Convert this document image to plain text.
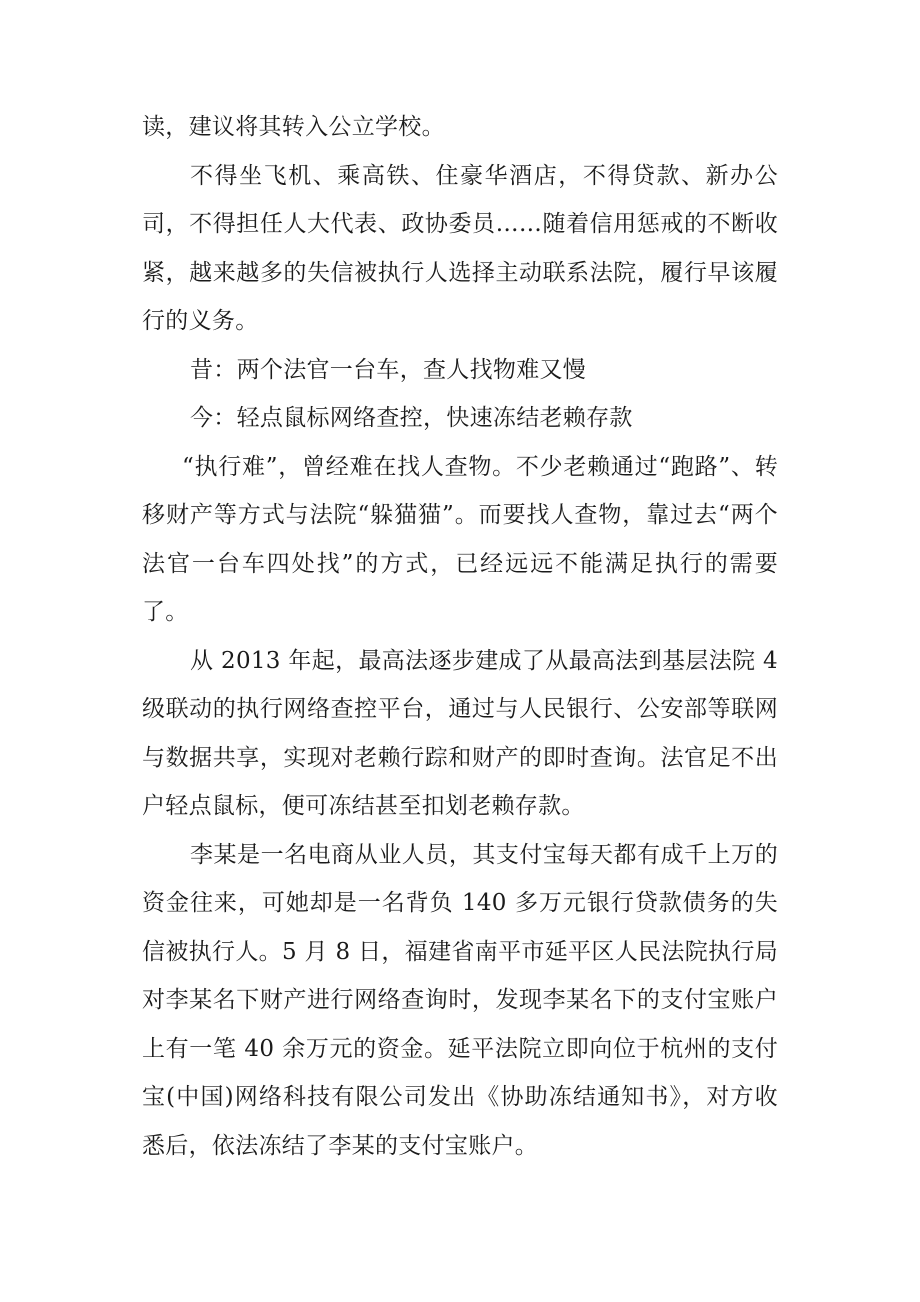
读，建议将其转入公立学校。

不得坐飞机、乘高铁、住豪华酒店，不得贷款、新办公司，不得担任人大代表、政协委员……随着信用惩戒的不断收紧，越来越多的失信被执行人选择主动联系法院，履行早该履行的义务。

昔：两个法官一台车，查人找物难又慢

今：轻点鼠标网络查控，快速冻结老赖存款

“执行难”，曾经难在找人查物。不少老赖通过“跑路”、转移财产等方式与法院“躲猫猫”。而要找人查物，靠过去“两个法官一台车四处找”的方式，已经远远不能满足执行的需要了。

从 2013 年起，最高法逐步建成了从最高法到基层法院 4 级联动的执行网络查控平台，通过与人民银行、公安部等联网与数据共享，实现对老赖行踪和财产的即时查询。法官足不出户轻点鼠标，便可冻结甚至扣划老赖存款。

李某是一名电商从业人员，其支付宝每天都有成千上万的资金往来，可她却是一名背负 140 多万元银行贷款债务的失信被执行人。5 月 8 日，福建省南平市延平区人民法院执行局对李某名下财产进行网络查询时，发现李某名下的支付宝账户上有一笔 40 余万元的资金。延平法院立即向位于杭州的支付宝(中国)网络科技有限公司发出《协助冻结通知书》，对方收悉后，依法冻结了李某的支付宝账户。
